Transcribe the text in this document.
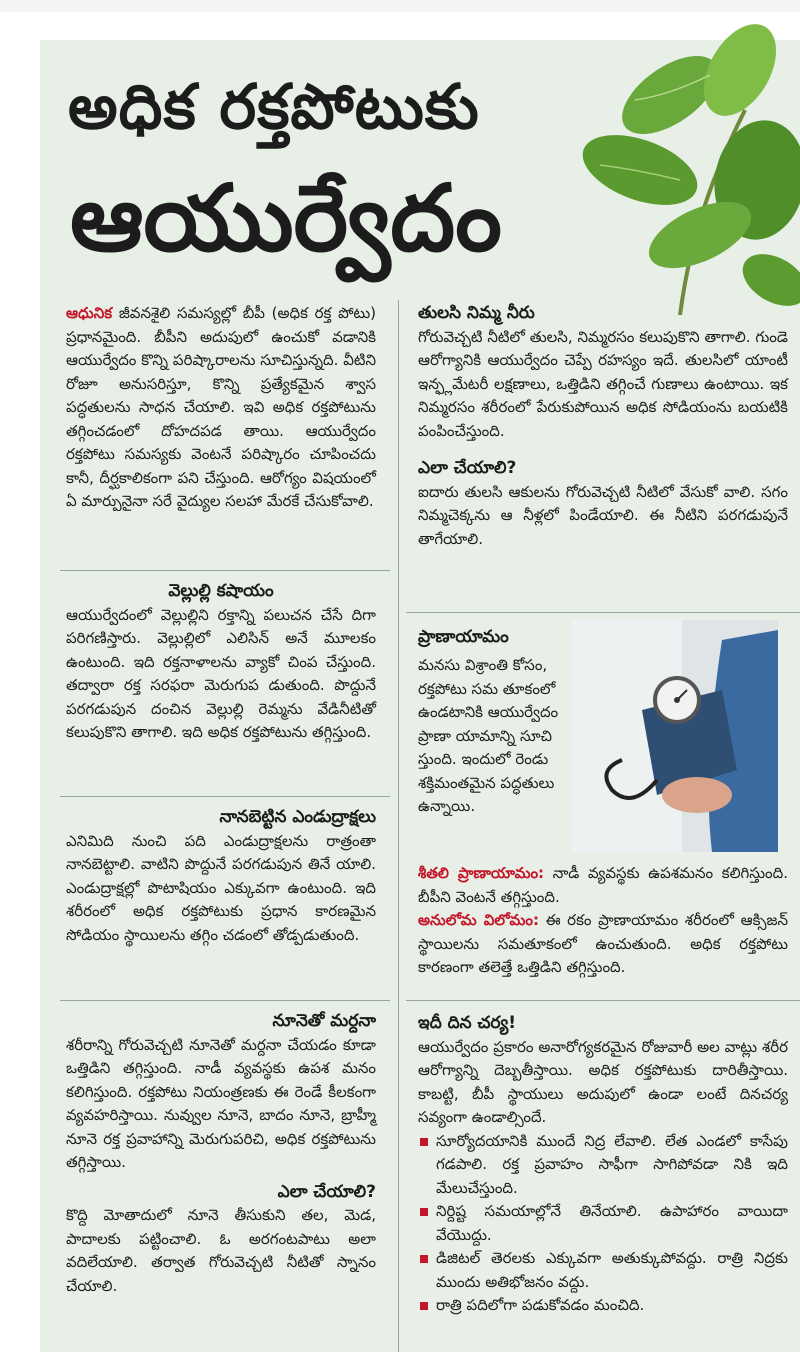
అధిక రక్తపోటుకు
ఆయుర్వేదం
ఆధునిక జీవనశైలి సమస్యల్లో బీపీ (అధిక రక్త పోటు) ప్రధానమైంది. బీపీని అదుపులో ఉంచుకో వడానికి ఆయుర్వేదం కొన్ని పరిష్కారాలను సూచిస్తున్నది. వీటిని రోజూ అనుసరిస్తూ, కొన్ని ప్రత్యేకమైన శ్వాస పద్ధతులను సాధన చేయాలి. ఇవి అధిక రక్తపోటును తగ్గించడంలో దోహదపడ తాయి. ఆయుర్వేదం రక్తపోటు సమస్యకు వెంటనే పరిష్కారం చూపించదు కానీ, దీర్ఘకాలికంగా పని చేస్తుంది. ఆరోగ్యం విషయంలో ఏ మార్పునైనా సరే వైద్యుల సలహా మేరకే చేసుకోవాలి.
వెల్లుల్లి కషాయం
ఆయుర్వేదంలో వెల్లుల్లిని రక్తాన్ని పలుచన చేసే దిగా పరిగణిస్తారు. వెల్లుల్లిలో ఎలిసిన్ అనే మూలకం ఉంటుంది. ఇది రక్తనాళాలను వ్యాకో చింప చేస్తుంది. తద్వారా రక్త సరఫరా మెరుగుప డుతుంది. పొద్దునే పరగడుపున దంచిన వెల్లుల్లి రెమ్మను వేడినీటితో కలుపుకొని తాగాలి. ఇది అధిక రక్తపోటును తగ్గిస్తుంది.
నానబెట్టిన ఎండుద్రాక్షలు
ఎనిమిది నుంచి పది ఎండుద్రాక్షలను రాత్రంతా నానబెట్టాలి. వాటిని పొద్దునే పరగడుపున తినే యాలి. ఎండుద్రాక్షల్లో పొటాషియం ఎక్కువగా ఉంటుంది. ఇది శరీరంలో అధిక రక్తపోటుకు ప్రధాన కారణమైన సోడియం స్థాయిలను తగ్గిం చడంలో తోడ్పడుతుంది.
నూనెతో మర్దనా
శరీరాన్ని గోరువెచ్చటి నూనెతో మర్దనా చేయడం కూడా ఒత్తిడిని తగ్గిస్తుంది. నాడీ వ్యవస్థకు ఉపశ మనం కలిగిస్తుంది. రక్తపోటు నియంత్రణకు ఈ రెండే కీలకంగా వ్యవహరిస్తాయి. నువ్వుల నూనె, బాదం నూనె, బ్రాహ్మీ నూనె రక్త ప్రవాహాన్ని మెరుగుపరిచి, అధిక రక్తపోటును తగ్గిస్తాయి.
ఎలా చేయాలి?
కొద్ది మోతాదులో నూనె తీసుకుని తల, మెడ, పాదాలకు పట్టించాలి. ఓ అరగంటపాటు అలా వదిలేయాలి. తర్వాత గోరువెచ్చటి నీటితో స్నానం చేయాలి.
తులసి నిమ్మ నీరు
గోరువెచ్చటి నీటిలో తులసి, నిమ్మరసం కలుపుకొని తాగాలి. గుండె ఆరోగ్యానికి ఆయుర్వేదం చెప్పే రహస్యం ఇదే. తులసిలో యాంటీ ఇన్ఫ్లమేటరీ లక్షణాలు, ఒత్తిడిని తగ్గించే గుణాలు ఉంటాయి. ఇక నిమ్మరసం శరీరంలో పేరుకుపోయిన అధిక సోడియంను బయటికి పంపించేస్తుంది.
ఎలా చేయాలి?
ఐదారు తులసి ఆకులను గోరువెచ్చటి నీటిలో వేసుకో వాలి. సగం నిమ్మచెక్కను ఆ నీళ్లలో పిండేయాలి. ఈ నీటిని పరగడుపునే తాగేయాలి.
ప్రాణాయామం
మనసు విశ్రాంతి కోసం, రక్తపోటు సమ తూకంలో ఉండటానికి ఆయుర్వేదం ప్రాణా యామాన్ని సూచి స్తుంది. ఇందులో రెండు శక్తిమంతమైన పద్ధతులు ఉన్నాయి.
శీతలి ప్రాణాయామం: నాడీ వ్యవస్థకు ఉపశమనం కలిగిస్తుంది. బీపీని వెంటనే తగ్గిస్తుంది.
అనులోమ విలోమం: ఈ రకం ప్రాణాయామం శరీరంలో ఆక్సిజన్ స్థాయిలను సమతూకంలో ఉంచుతుంది. అధిక రక్తపోటు కారణంగా తలెత్తే ఒత్తిడిని తగ్గిస్తుంది.
ఇదీ దిన చర్య!
ఆయుర్వేదం ప్రకారం అనారోగ్యకరమైన రోజువారీ అల వాట్లు శరీర ఆరోగ్యాన్ని దెబ్బతీస్తాయి. అధిక రక్తపోటుకు దారితీస్తాయి. కాబట్టి, బీపీ స్థాయులు అదుపులో ఉండా లంటే దినచర్య సవ్యంగా ఉండాల్సిందే.
సూర్యోదయానికి ముందే నిద్ర లేవాలి. లేత ఎండలో కాసేపు గడపాలి. రక్త ప్రవాహం సాఫీగా సాగిపోవడా నికి ఇది మేలుచేస్తుంది.
నిర్దిష్ట సమయాల్లోనే తినేయాలి. ఉపాహారం వాయిదా వేయొద్దు.
డిజిటల్ తెరలకు ఎక్కువగా అతుక్కుపోవద్దు. రాత్రి నిద్రకు ముందు అతిభోజనం వద్దు.
రాత్రి పదిలోగా పడుకోవడం మంచిది.
